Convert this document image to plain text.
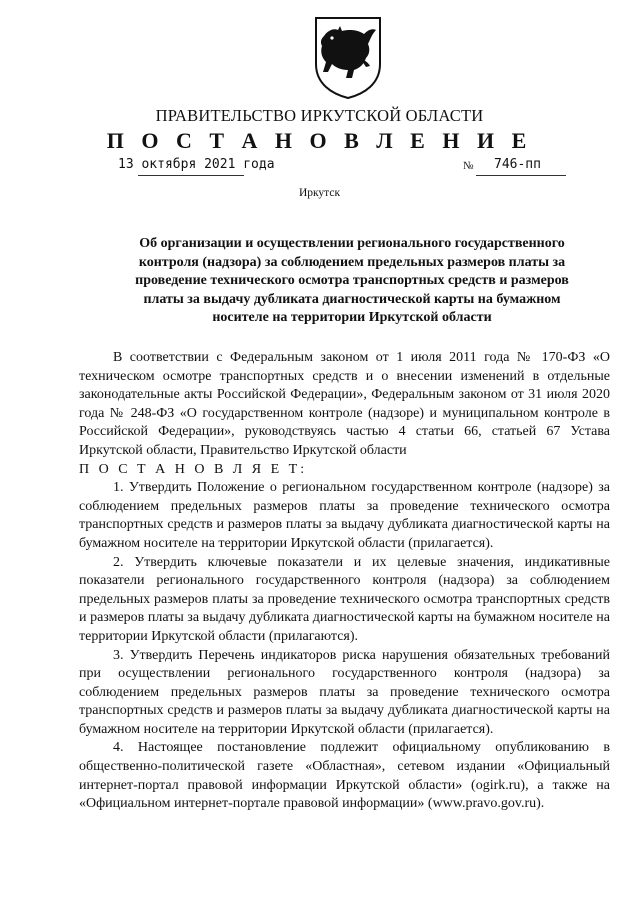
ПРАВИТЕЛЬСТВО ИРКУТСКОЙ ОБЛАСТИ
П О С Т А Н О В Л Е Н И Е
13 октября 2021 года	№ 746-пп
Иркутск
Об организации и осуществлении регионального государственного
контроля (надзора) за соблюдением предельных размеров платы за
проведение технического осмотра транспортных средств и размеров
платы за выдачу дубликата диагностической карты на бумажном
носителе на территории Иркутской области
В соответствии с Федеральным законом от 1 июля 2011 года № 170-ФЗ «О техническом осмотре транспортных средств и о внесении изменений в отдельные законодательные акты Российской Федерации», Федеральным законом от 31 июля 2020 года № 248-ФЗ «О государственном контроле (надзоре) и муниципальном контроле в Российской Федерации», руководствуясь частью 4 статьи 66, статьей 67 Устава Иркутской области, Правительство Иркутской области
П О С Т А Н О В Л Я Е Т:
1. Утвердить Положение о региональном государственном контроле (надзоре) за соблюдением предельных размеров платы за проведение технического осмотра транспортных средств и размеров платы за выдачу дубликата диагностической карты на бумажном носителе на территории Иркутской области (прилагается).
2. Утвердить ключевые показатели и их целевые значения, индикативные показатели регионального государственного контроля (надзора) за соблюдением предельных размеров платы за проведение технического осмотра транспортных средств и размеров платы за выдачу дубликата диагностической карты на бумажном носителе на территории Иркутской области (прилагаются).
3. Утвердить Перечень индикаторов риска нарушения обязательных требований при осуществлении регионального государственного контроля (надзора) за соблюдением предельных размеров платы за проведение технического осмотра транспортных средств и размеров платы за выдачу дубликата диагностической карты на бумажном носителе на территории Иркутской области (прилагается).
4. Настоящее постановление подлежит официальному опубликованию в общественно-политической газете «Областная», сетевом издании «Официальный интернет-портал правовой информации Иркутской области» (ogirk.ru), а также на «Официальном интернет-портале правовой информации» (www.pravo.gov.ru).
